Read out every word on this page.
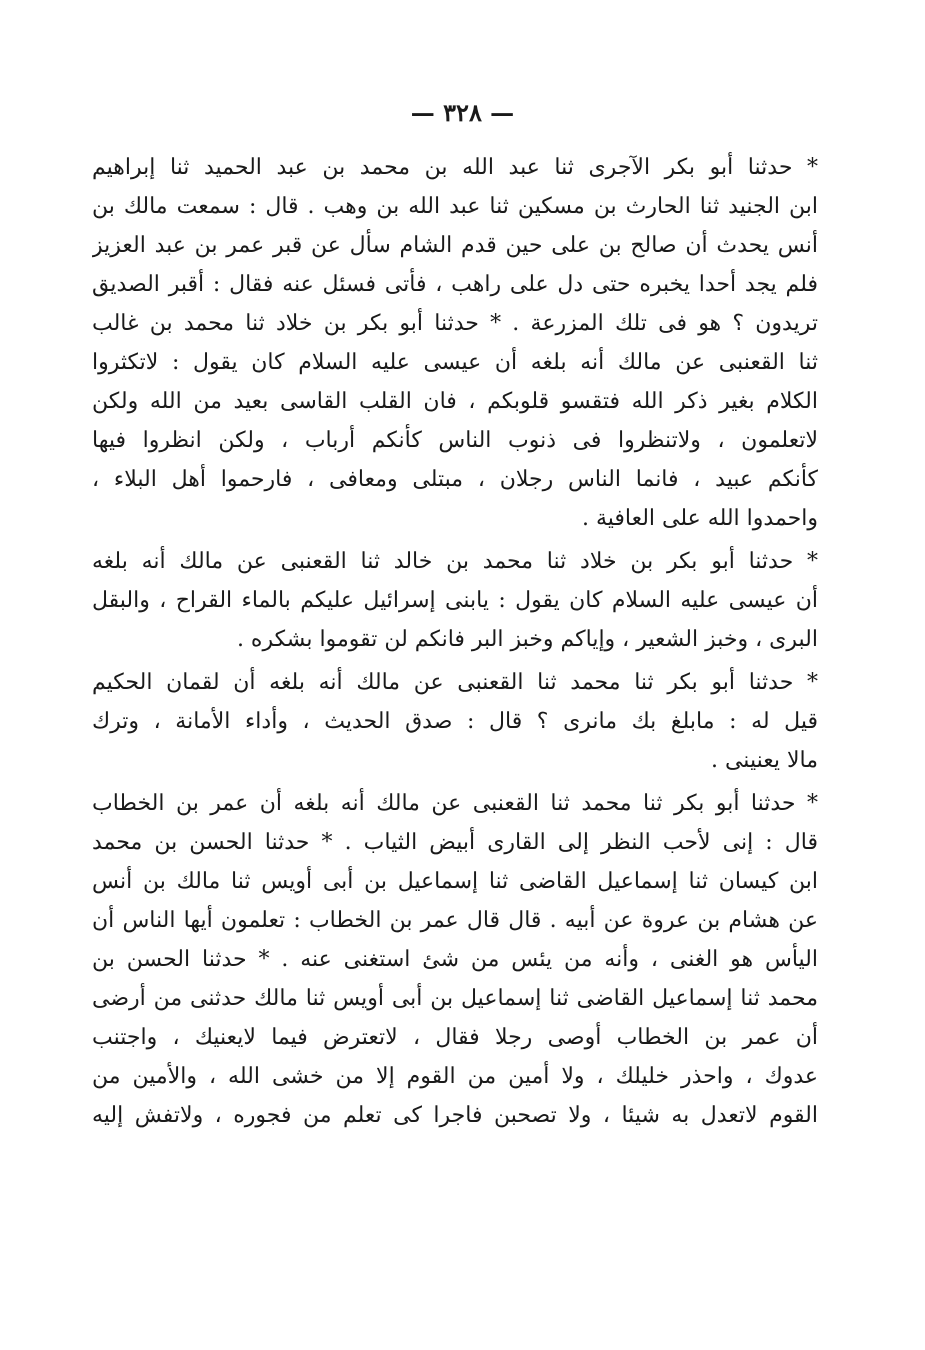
— ٣٢٨ —
* حدثنا أبو بكر الآجرى ثنا عبد الله بن محمد بن عبد الحميد ثنا إبراهيم
ابن الجنيد ثنا الحارث بن مسكين ثنا عبد الله بن وهب . قال : سمعت مالك بن
أنس يحدث أن صالح بن على حين قدم الشام سأل عن قبر عمر بن عبد العزيز
فلم يجد أحدا يخبره حتى دل على راهب ، فأتى فسئل عنه فقال : أقبر الصديق
تريدون ؟ هو فى تلك المزرعة . * حدثنا أبو بكر بن خلاد ثنا محمد بن غالب
ثنا القعنبى عن مالك أنه بلغه أن عيسى عليه السلام كان يقول : لاتكثروا
الكلام بغير ذكر الله فتقسو قلوبكم ، فان القلب القاسى بعيد من الله ولكن
لاتعلمون ، ولاتنظروا فى ذنوب الناس كأنكم أرباب ، ولكن انظروا فيها
كأنكم عبيد ، فانما الناس رجلان ، مبتلى ومعافى ، فارحموا أهل البلاء ،
واحمدوا الله على العافية .
* حدثنا أبو بكر بن خلاد ثنا محمد بن خالد ثنا القعنبى عن مالك أنه بلغه
أن عيسى عليه السلام كان يقول : يابنى إسرائيل عليكم بالماء القراح ، والبقل
البرى ، وخبز الشعير ، وإياكم وخبز البر فانكم لن تقوموا بشكره .
* حدثنا أبو بكر ثنا محمد ثنا القعنبى عن مالك أنه بلغه أن لقمان الحكيم
قيل له : مابلغ بك مانرى ؟ قال : صدق الحديث ، وأداء الأمانة ، وترك
مالا يعنينى .
* حدثنا أبو بكر ثنا محمد ثنا القعنبى عن مالك أنه بلغه أن عمر بن الخطاب
قال : إنى لأحب النظر إلى القارى أبيض الثياب . * حدثنا الحسن بن محمد
ابن كيسان ثنا إسماعيل القاضى ثنا إسماعيل بن أبى أويس ثنا مالك بن أنس
عن هشام بن عروة عن أبيه . قال قال عمر بن الخطاب : تعلمون أيها الناس أن
اليأس هو الغنى ، وأنه من يئس من شئ استغنى عنه . * حدثنا الحسن بن
محمد ثنا إسماعيل القاضى ثنا إسماعيل بن أبى أويس ثنا مالك حدثنى من أرضى
أن عمر بن الخطاب أوصى رجلا فقال ، لاتعترض فيما لايعنيك ، واجتنب
عدوك ، واحذر خليلك ، ولا أمين من القوم إلا من خشى الله ، والأمين من
القوم لاتعدل به شيئا ، ولا تصحبن فاجرا كى تعلم من فجوره ، ولاتفش إليه
